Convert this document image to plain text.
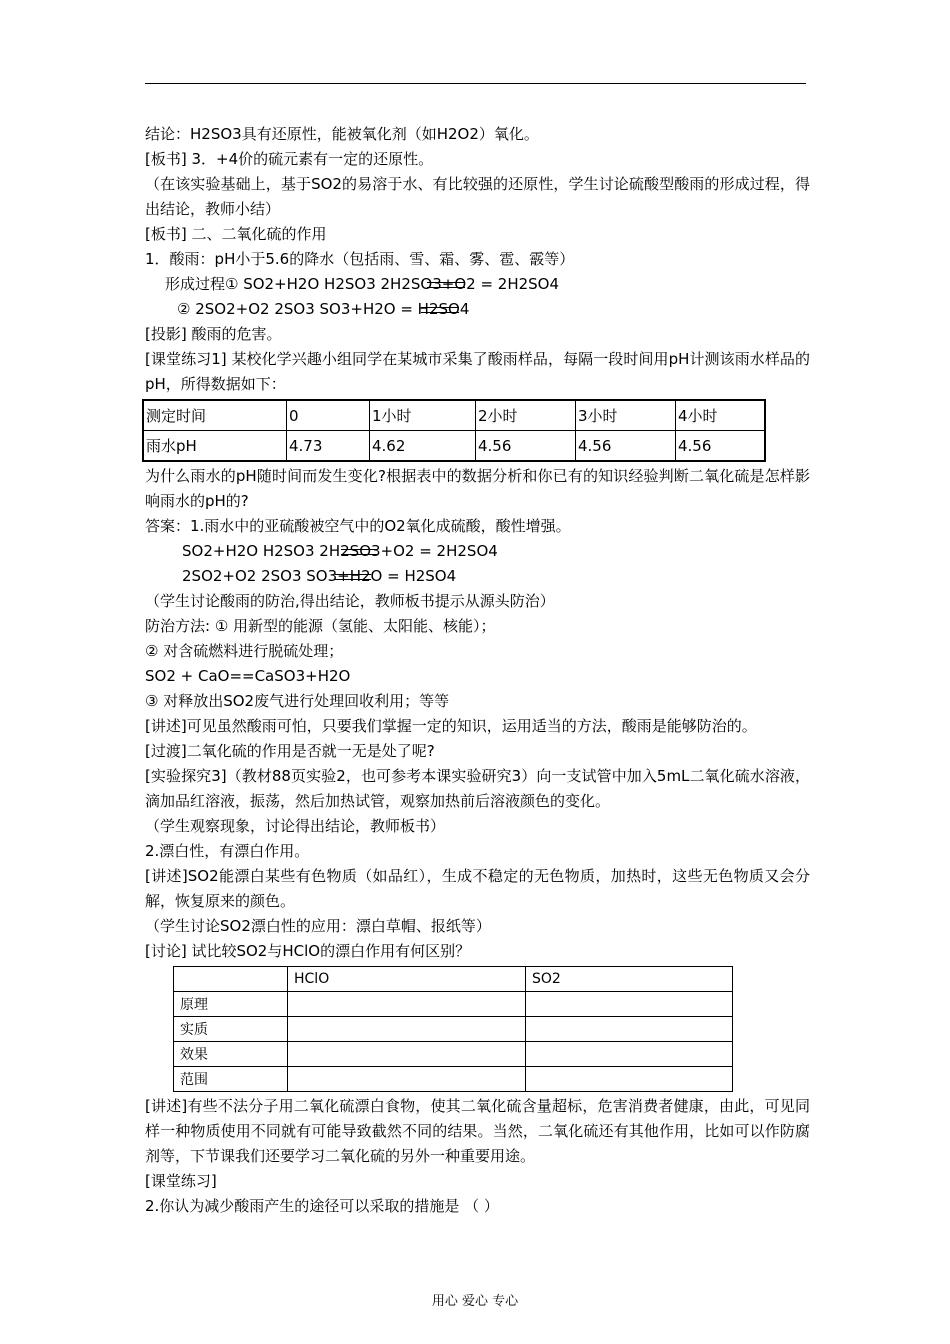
结论：H2SO3具有还原性，能被氧化剂（如H2O2）氧化。
[板书] 3．+4价的硫元素有一定的还原性。
（在该实验基础上，基于SO2的易溶于水、有比较强的还原性，学生讨论硫酸型酸雨的形成过程，得出结论，教师小结）
[板书] 二、二氧化硫的作用
1．酸雨：pH小于5.6的降水（包括雨、雪、霜、雾、雹、霰等）
形成过程① SO2+H2O H2SO3 2H2SO3+O2 = 2H2SO4
② 2SO2+O2 2SO3 SO3+H2O = H2SO4
[投影] 酸雨的危害。
[课堂练习1] 某校化学兴趣小组同学在某城市采集了酸雨样品，每隔一段时间用pH计测该雨水样品的pH，所得数据如下：
测定时间	0	1小时	2小时	3小时	4小时
雨水pH	4.73	4.62	4.56	4.56	4.56
为什么雨水的pH随时间而发生变化?根据表中的数据分析和你已有的知识经验判断二氧化硫是怎样影响雨水的pH的?
答案：1.雨水中的亚硫酸被空气中的O2氧化成硫酸，酸性增强。
SO2+H2O H2SO3 2H2SO3+O2 = 2H2SO4
2SO2+O2 2SO3 SO3+H2O = H2SO4
（学生讨论酸雨的防治,得出结论，教师板书提示从源头防治）
防治方法: ① 用新型的能源（氢能、太阳能、核能）；
② 对含硫燃料进行脱硫处理；
SO2 + CaO==CaSO3+H2O
③ 对释放出SO2废气进行处理回收利用；等等
[讲述]可见虽然酸雨可怕，只要我们掌握一定的知识，运用适当的方法，酸雨是能够防治的。
[过渡]二氧化硫的作用是否就一无是处了呢?
[实验探究3]（教材88页实验2，也可参考本课实验研究3）向一支试管中加入5mL二氧化硫水溶液，滴加品红溶液，振荡，然后加热试管，观察加热前后溶液颜色的变化。
（学生观察现象，讨论得出结论，教师板书）
2.漂白性，有漂白作用。
[讲述]SO2能漂白某些有色物质（如品红），生成不稳定的无色物质，加热时，这些无色物质又会分解，恢复原来的颜色。
（学生讨论SO2漂白性的应用：漂白草帽、报纸等）
[讨论] 试比较SO2与HClO的漂白作用有何区别？
	HClO	SO2
原理		
实质		
效果		
范围		
[讲述]有些不法分子用二氧化硫漂白食物，使其二氧化硫含量超标，危害消费者健康，由此，可见同样一种物质使用不同就有可能导致截然不同的结果。当然，二氧化硫还有其他作用，比如可以作防腐剂等，下节课我们还要学习二氧化硫的另外一种重要用途。
[课堂练习]
2.你认为减少酸雨产生的途径可以采取的措施是 （ ）
用心 爱心 专心
